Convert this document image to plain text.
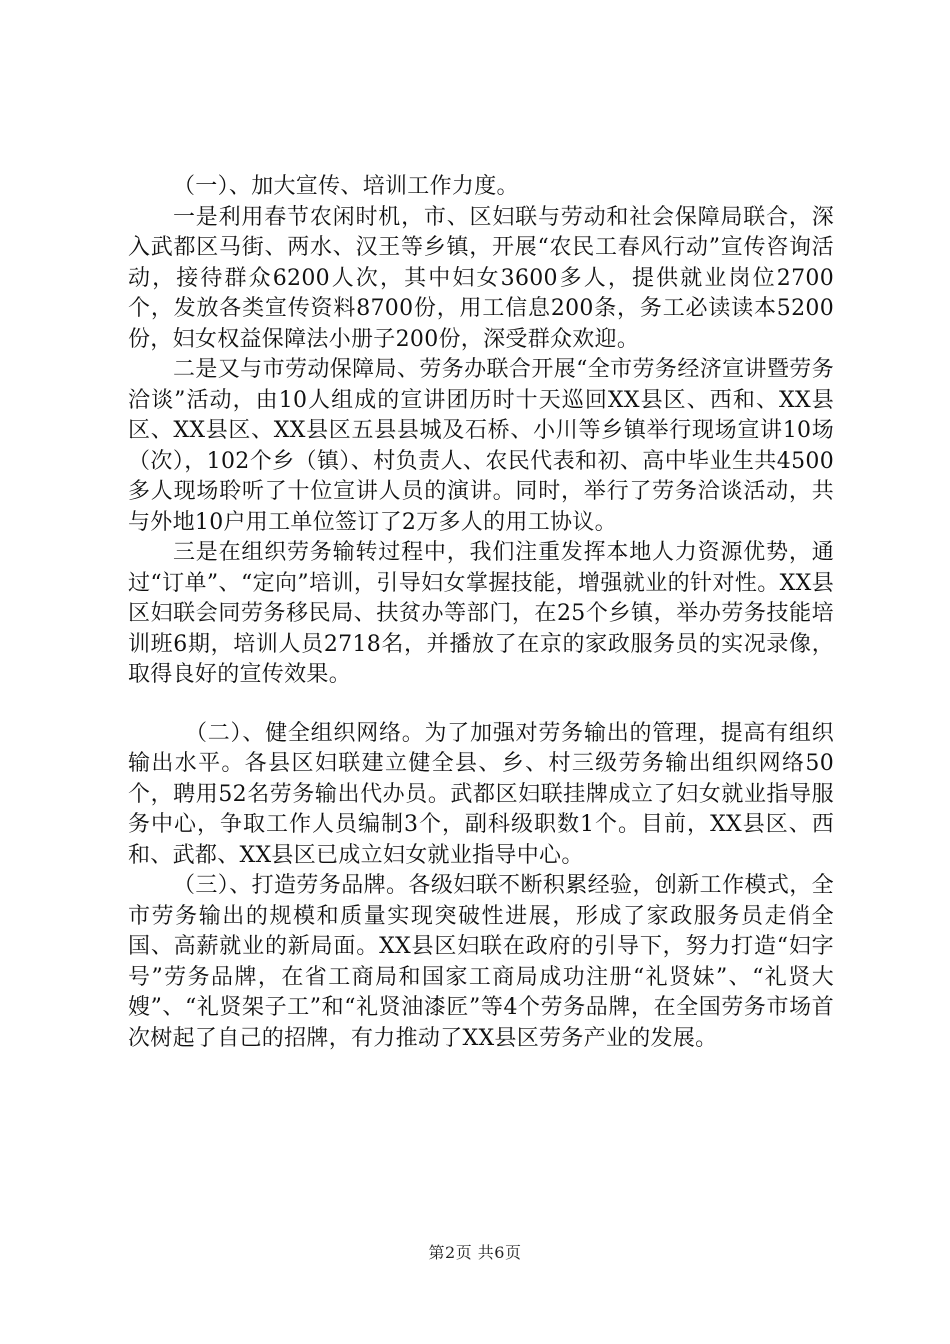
（一）、加大宣传、培训工作力度。

一是利用春节农闲时机，市、区妇联与劳动和社会保障局联合，深入武都区马街、两水、汉王等乡镇，开展“农民工春风行动”宣传咨询活动，接待群众6200人次，其中妇女3600多人，提供就业岗位2700个，发放各类宣传资料8700份，用工信息200条，务工必读读本5200份，妇女权益保障法小册子200份，深受群众欢迎。

二是又与市劳动保障局、劳务办联合开展“全市劳务经济宣讲暨劳务洽谈”活动，由10人组成的宣讲团历时十天巡回XX县区、西和、XX县区、XX县区、XX县区五县县城及石桥、小川等乡镇举行现场宣讲10场（次），102个乡（镇）、村负责人、农民代表和初、高中毕业生共4500多人现场聆听了十位宣讲人员的演讲。同时，举行了劳务洽谈活动，共与外地10户用工单位签订了2万多人的用工协议。

三是在组织劳务输转过程中，我们注重发挥本地人力资源优势，通过“订单”、“定向”培训，引导妇女掌握技能，增强就业的针对性。XX县区妇联会同劳务移民局、扶贫办等部门，在25个乡镇，举办劳务技能培训班6期，培训人员2718名，并播放了在京的家政服务员的实况录像，取得良好的宣传效果。

（二）、健全组织网络。为了加强对劳务输出的管理，提高有组织输出水平。各县区妇联建立健全县、乡、村三级劳务输出组织网络50个，聘用52名劳务输出代办员。武都区妇联挂牌成立了妇女就业指导服务中心，争取工作人员编制3个，副科级职数1个。目前，XX县区、西和、武都、XX县区已成立妇女就业指导中心。

（三）、打造劳务品牌。各级妇联不断积累经验，创新工作模式，全市劳务输出的规模和质量实现突破性进展，形成了家政服务员走俏全国、高薪就业的新局面。XX县区妇联在政府的引导下，努力打造“妇字号”劳务品牌，在省工商局和国家工商局成功注册“礼贤妹”、“礼贤大嫂”、“礼贤架子工”和“礼贤油漆匠”等4个劳务品牌，在全国劳务市场首次树起了自己的招牌，有力推动了XX县区劳务产业的发展。

第2页 共6页
